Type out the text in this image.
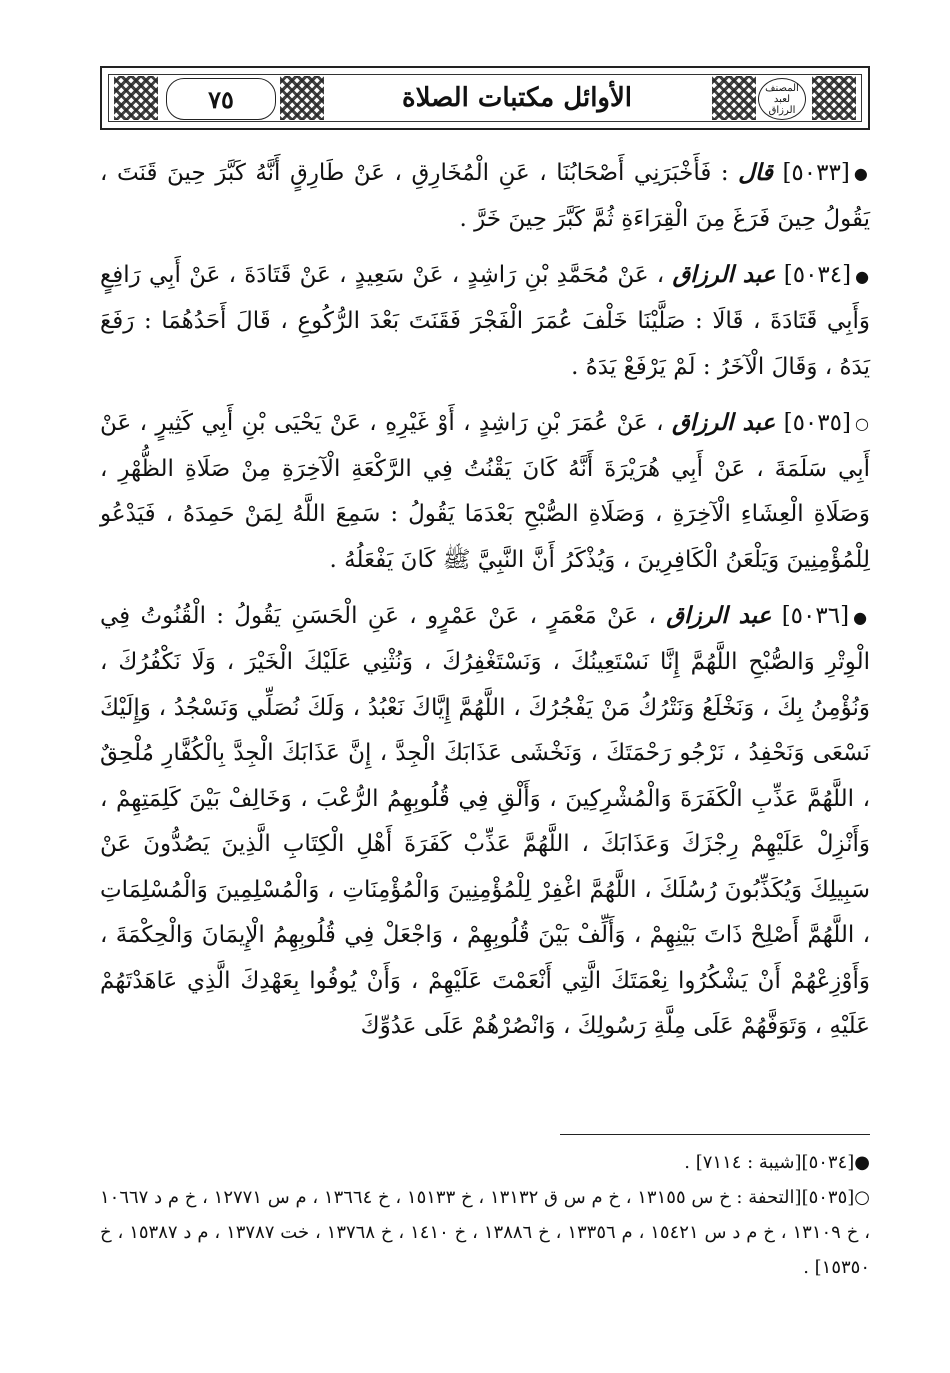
٧٥	الأوائل مكتبات الصلاة	المصنف لعبد الرزاق

●[٥٠٣٣] قال : فَأَخْبَرَنِي أَصْحَابُنَا ، عَنِ الْمُخَارِقِ ، عَنْ طَارِقٍ أَنَّهُ كَبَّرَ حِينَ قَنَتَ ، يَقُولُ حِينَ فَرَغَ مِنَ الْقِرَاءَةِ ثُمَّ كَبَّرَ حِينَ خَرَّ .

●[٥٠٣٤] عبد الرزاق ، عَنْ مُحَمَّدِ بْنِ رَاشِدٍ ، عَنْ سَعِيدٍ ، عَنْ قَتَادَةَ ، عَنْ أَبِي رَافِعٍ وَأَبِي قَتَادَةَ ، قَالَا : صَلَّيْنَا خَلْفَ عُمَرَ الْفَجْرَ فَقَنَتَ بَعْدَ الرُّكُوعِ ، قَالَ أَحَدُهُمَا : رَفَعَ يَدَهُ ، وَقَالَ الْآخَرُ : لَمْ يَرْفَعْ يَدَهُ .

○[٥٠٣٥] عبد الرزاق ، عَنْ عُمَرَ بْنِ رَاشِدٍ ، أَوْ غَيْرِهِ ، عَنْ يَحْيَى بْنِ أَبِي كَثِيرٍ ، عَنْ أَبِي سَلَمَةَ ، عَنْ أَبِي هُرَيْرَةَ أَنَّهُ كَانَ يَقْنُتُ فِي الرَّكْعَةِ الْآخِرَةِ مِنْ صَلَاةِ الظُّهْرِ ، وَصَلَاةِ الْعِشَاءِ الْآخِرَةِ ، وَصَلَاةِ الصُّبْحِ بَعْدَمَا يَقُولُ : سَمِعَ اللَّهُ لِمَنْ حَمِدَهُ ، فَيَدْعُو لِلْمُؤْمِنِينَ وَيَلْعَنُ الْكَافِرِينَ ، وَيُذْكَرُ أَنَّ النَّبِيَّ ﷺ كَانَ يَفْعَلُهُ .

●[٥٠٣٦] عبد الرزاق ، عَنْ مَعْمَرٍ ، عَنْ عَمْرٍو ، عَنِ الْحَسَنِ يَقُولُ : الْقُنُوتُ فِي الْوِتْرِ وَالصُّبْحِ اللَّهُمَّ إِنَّا نَسْتَعِينُكَ ، وَنَسْتَغْفِرُكَ ، وَنُثْنِي عَلَيْكَ الْخَيْرَ ، وَلَا نَكْفُرُكَ ، وَنُؤْمِنُ بِكَ ، وَنَخْلَعُ وَنَتْرُكُ مَنْ يَفْجُرُكَ ، اللَّهُمَّ إِيَّاكَ نَعْبُدُ ، وَلَكَ نُصَلِّي وَنَسْجُدُ ، وَإِلَيْكَ نَسْعَى وَنَحْفِدُ ، نَرْجُو رَحْمَتَكَ ، وَنَخْشَى عَذَابَكَ الْجِدَّ ، إِنَّ عَذَابَكَ الْجِدَّ بِالْكُفَّارِ مُلْحِقٌ ، اللَّهُمَّ عَذِّبِ الْكَفَرَةَ وَالْمُشْرِكِينَ ، وَأَلْقِ فِي قُلُوبِهِمُ الرُّعْبَ ، وَخَالِفْ بَيْنَ كَلِمَتِهِمْ ، وَأَنْزِلْ عَلَيْهِمْ رِجْزَكَ وَعَذَابَكَ ، اللَّهُمَّ عَذِّبْ كَفَرَةَ أَهْلِ الْكِتَابِ الَّذِينَ يَصُدُّونَ عَنْ سَبِيلِكَ وَيُكَذِّبُونَ رُسُلَكَ ، اللَّهُمَّ اغْفِرْ لِلْمُؤْمِنِينَ وَالْمُؤْمِنَاتِ ، وَالْمُسْلِمِينَ وَالْمُسْلِمَاتِ ، اللَّهُمَّ أَصْلِحْ ذَاتَ بَيْنِهِمْ ، وَأَلِّفْ بَيْنَ قُلُوبِهِمْ ، وَاجْعَلْ فِي قُلُوبِهِمُ الْإِيمَانَ وَالْحِكْمَةَ ، وَأَوْزِعْهُمْ أَنْ يَشْكُرُوا نِعْمَتَكَ الَّتِي أَنْعَمْتَ عَلَيْهِمْ ، وَأَنْ يُوفُوا بِعَهْدِكَ الَّذِي عَاهَدْتَهُمْ عَلَيْهِ ، وَتَوَفَّهُمْ عَلَى مِلَّةِ رَسُولِكَ ، وَانْصُرْهُمْ عَلَى عَدُوِّكَ

●[٥٠٣٤][شيبة : ٧١١٤] .

○[٥٠٣٥][التحفة : خ س ١٣١٥٥ ، خ م س ق ١٣١٣٢ ، خ ١٥١٣٣ ، خ ١٣٦٦٤ ، م س ١٢٧٧١ ، خ م د ١٠٦٦٧ ، خ ١٣١٠٩ ، خ م د س ١٥٤٢١ ، م ١٣٣٥٦ ، خ ١٣٨٨٦ ، خ ١٤١٠ ، خ ١٣٧٦٨ ، خت ١٣٧٨٧ ، م د ١٥٣٨٧ ، خ ١٥٣٥٠] .
